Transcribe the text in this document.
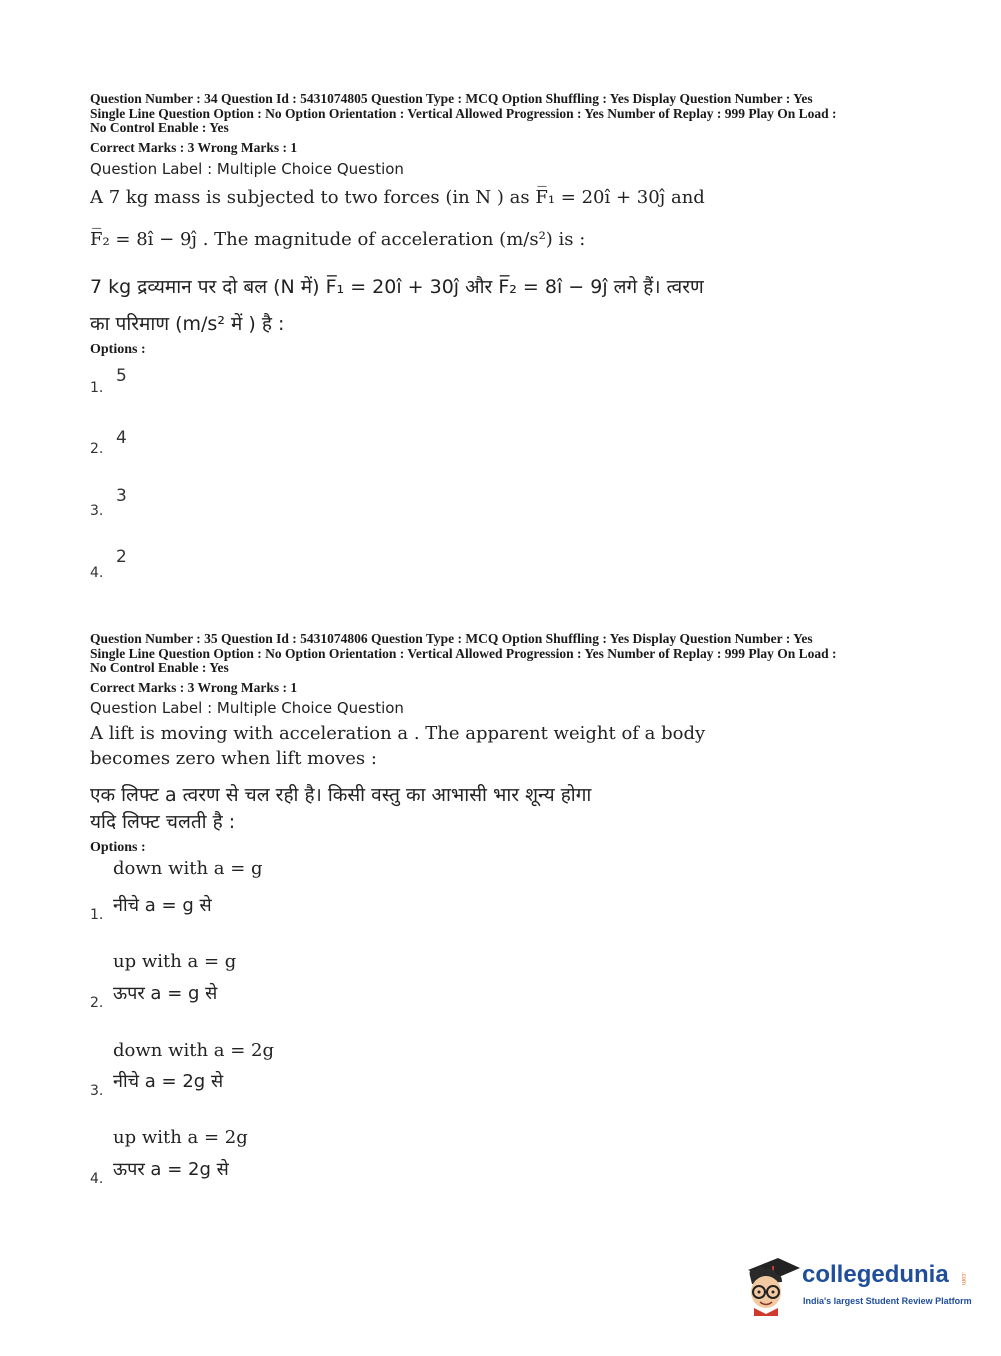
Question Number : 34 Question Id : 5431074805 Question Type : MCQ Option Shuffling : Yes Display Question Number : Yes
Single Line Question Option : No Option Orientation : Vertical Allowed Progression : Yes Number of Replay : 999 Play On Load :
No Control Enable : Yes
Correct Marks : 3 Wrong Marks : 1
Question Label : Multiple Choice Question
A 7 kg mass is subjected to two forces (in N ) as F̅₁ = 20î + 30ĵ and
F̅₂ = 8î − 9ĵ . The magnitude of acceleration (m/s²) is :
7 kg द्रव्यमान पर दो बल (N में) F̅₁ = 20î + 30ĵ और F̅₂ = 8î − 9ĵ लगे हैं। त्वरण
का परिमाण (m/s² में ) है :
Options :
1.
5
2.
4
3.
3
4.
2
Question Number : 35 Question Id : 5431074806 Question Type : MCQ Option Shuffling : Yes Display Question Number : Yes
Single Line Question Option : No Option Orientation : Vertical Allowed Progression : Yes Number of Replay : 999 Play On Load :
No Control Enable : Yes
Correct Marks : 3 Wrong Marks : 1
Question Label : Multiple Choice Question
A lift is moving with acceleration a . The apparent weight of a body
becomes zero when lift moves :
एक लिफ्ट a त्वरण से चल रही है। किसी वस्तु का आभासी भार शून्य होगा
यदि लिफ्ट चलती है :
Options :
down with a = g
नीचे a = g से
1.
up with a = g
ऊपर a = g से
2.
down with a = 2g
नीचे a = 2g से
3.
up with a = 2g
ऊपर a = 2g से
4.
collegedunia .com
India's largest Student Review Platform
